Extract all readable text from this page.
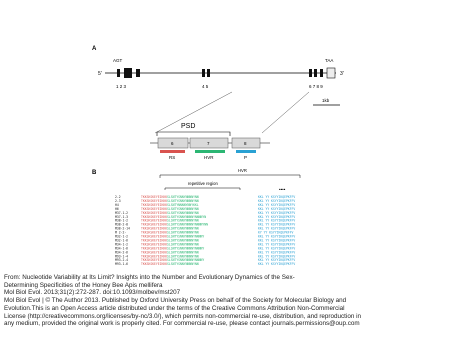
A
AGT	TAA
5'	3'
1 2 3	4 5	6 7 8 9
1kb
PSD
6	7	8
RS	HVR	P
B	HVR
repetitive region
••••
2-2	TKKSKSKEYEIKKK SLSNTYSNNYNNNNYNN	KKL YY KSYYIKQEPKFFV
2-3	TKKSKSKEYEIKKK SLSNTYSNNYNNNNYNN	KKL YY KSYYIKQEPKFFV
H4	TKKSKSKEYEIKKK SLSNTYNNNNYNNYKKL	KKL YY KSYYIKQEPKFFV
H6	TKKSKSKEYEIKKK SLSNTYSNNYNNNNYNN	KKL YY KSYYIKQEPKFFV
M37-1-2	TKKSKSKEYEIKKK SLSNTYSNNYNNNNYNN	KKL YY KSYYIKQEPKFFV
M37-1-3	TKKSKSKEYEIKKK SLSNTYSNNYNNNNYNNNNYN	KKL YY KSYYIKQEPKFFV
M38-1-2	TKKSKSKEYEIKKK SLSNTYSNNYNNNNYNN	KKL YY KSYYIKQEPKFFV
M38-2-8	TKKSKSKEYEIKKK SLSNTYSNNYNNNNYNNNNYNN	KKL YY KSYYIKQEPKFFV
M38-2-14	TKKSKSKEYEIKKK SLSNTYSNNYNNNNYNN	KKL YY KSYYIKQEPKFFV
M 2-2-	TKKSKSKEYEIKKK SLSNTYSNNYNNNNYNN	KY YY KSYYIKQEPKFFV
M32-1-2	TKKSKSKEYEIKKK SLSNTYSNNYNNNNYNNNNY	KKL YY KSYYIKQEPKFFV
M32-1-6	TKKSKSKEYEIKKK SLSNTYSNNYNNNNYNN	KKL YY KSYYIKQEPKFFV
M34-1-2	TKKSKSKEYEIKKK SLSNTYSNNYNNNNYNN	KKL YY KSYYIKQEPKFFV
M34-1-6	TKKSKSKEYEIKKK SLSNTYSNNYNNNNYNNNNY	KKL YY KSYYIKQEPKFFV
M34-2-6	TKKSKSKEYEIKKK SLSNTYSNNYNNNNYNN	KKL YY KSYYIKQEPKFFV
M93-1-4	TKKSKSKEYEIKKK SLSNTYSNNYNNNNYNN	KKL YY KSYYIKQEPKFFV
M93-2-4	TKKSKSKEYEIKKK SLSNTYSNNYNNNNYNNNNY	KKL YY KSYYIKQEPKFFV
M93-1-6	TKKSKSKEYEIKKK SLSNTYSNNYNNNNYNN	KKL YY KSYYIKQEPKFFV
From: Nucleotide Variability at Its Limit? Insights into the Number and Evolutionary Dynamics of the Sex-
Determining Specificities of the Honey Bee Apis mellifera
Mol Biol Evol. 2013;31(2):272-287. doi:10.1093/molbev/mst207
Mol Biol Evol | © The Author 2013. Published by Oxford University Press on behalf of the Society for Molecular Biology and
Evolution.This is an Open Access article distributed under the terms of the Creative Commons Attribution Non-Commercial
License (http://creativecommons.org/licenses/by-nc/3.0/), which permits non-commercial re-use, distribution, and reproduction in
any medium, provided the original work is properly cited. For commercial re-use, please contact journals.permissions@oup.com
